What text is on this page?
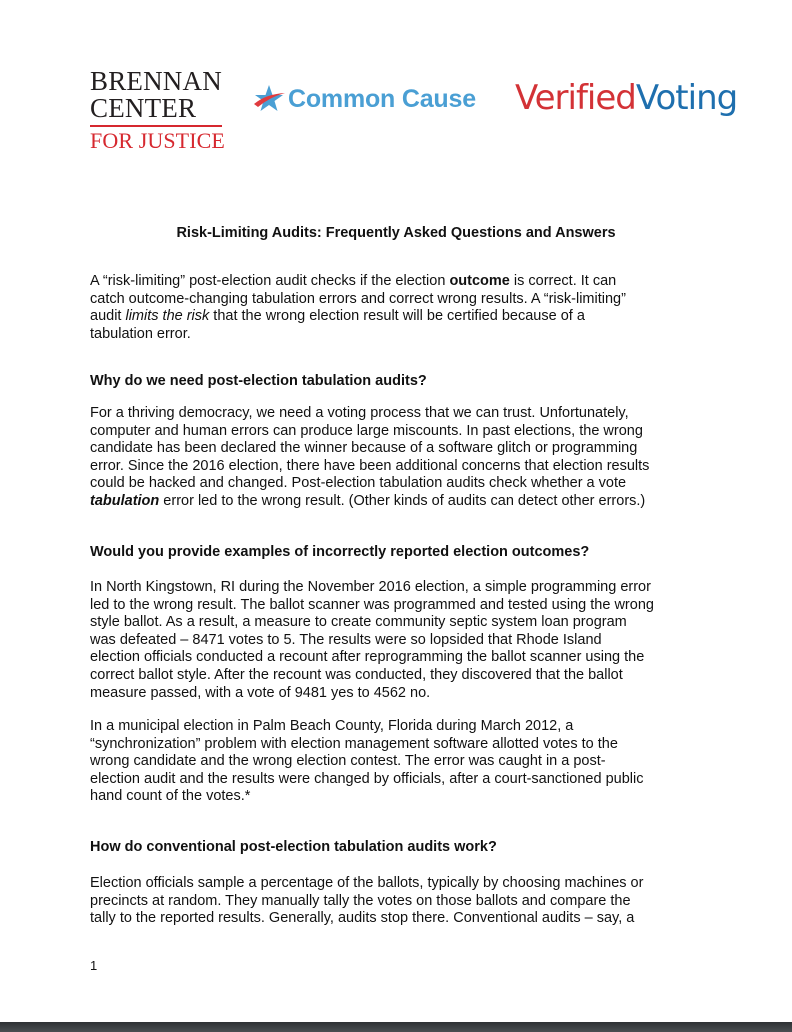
BRENNAN
CENTER
FOR JUSTICE
Common Cause VerifiedVoting
Risk-Limiting Audits: Frequently Asked Questions and Answers
A “risk-limiting” post-election audit checks if the election outcome is correct. It can
catch outcome-changing tabulation errors and correct wrong results. A “risk-limiting”
audit limits the risk that the wrong election result will be certified because of a
tabulation error.
Why do we need post-election tabulation audits?
For a thriving democracy, we need a voting process that we can trust. Unfortunately,
computer and human errors can produce large miscounts. In past elections, the wrong
candidate has been declared the winner because of a software glitch or programming
error. Since the 2016 election, there have been additional concerns that election results
could be hacked and changed. Post-election tabulation audits check whether a vote
tabulation error led to the wrong result. (Other kinds of audits can detect other errors.)
Would you provide examples of incorrectly reported election outcomes?
In North Kingstown, RI during the November 2016 election, a simple programming error
led to the wrong result. The ballot scanner was programmed and tested using the wrong
style ballot. As a result, a measure to create community septic system loan program
was defeated – 8471 votes to 5. The results were so lopsided that Rhode Island
election officials conducted a recount after reprogramming the ballot scanner using the
correct ballot style. After the recount was conducted, they discovered that the ballot
measure passed, with a vote of 9481 yes to 4562 no.
In a municipal election in Palm Beach County, Florida during March 2012, a
“synchronization” problem with election management software allotted votes to the
wrong candidate and the wrong election contest. The error was caught in a post-
election audit and the results were changed by officials, after a court-sanctioned public
hand count of the votes.*
How do conventional post-election tabulation audits work?
Election officials sample a percentage of the ballots, typically by choosing machines or
precincts at random. They manually tally the votes on those ballots and compare the
tally to the reported results. Generally, audits stop there. Conventional audits – say, a
1
